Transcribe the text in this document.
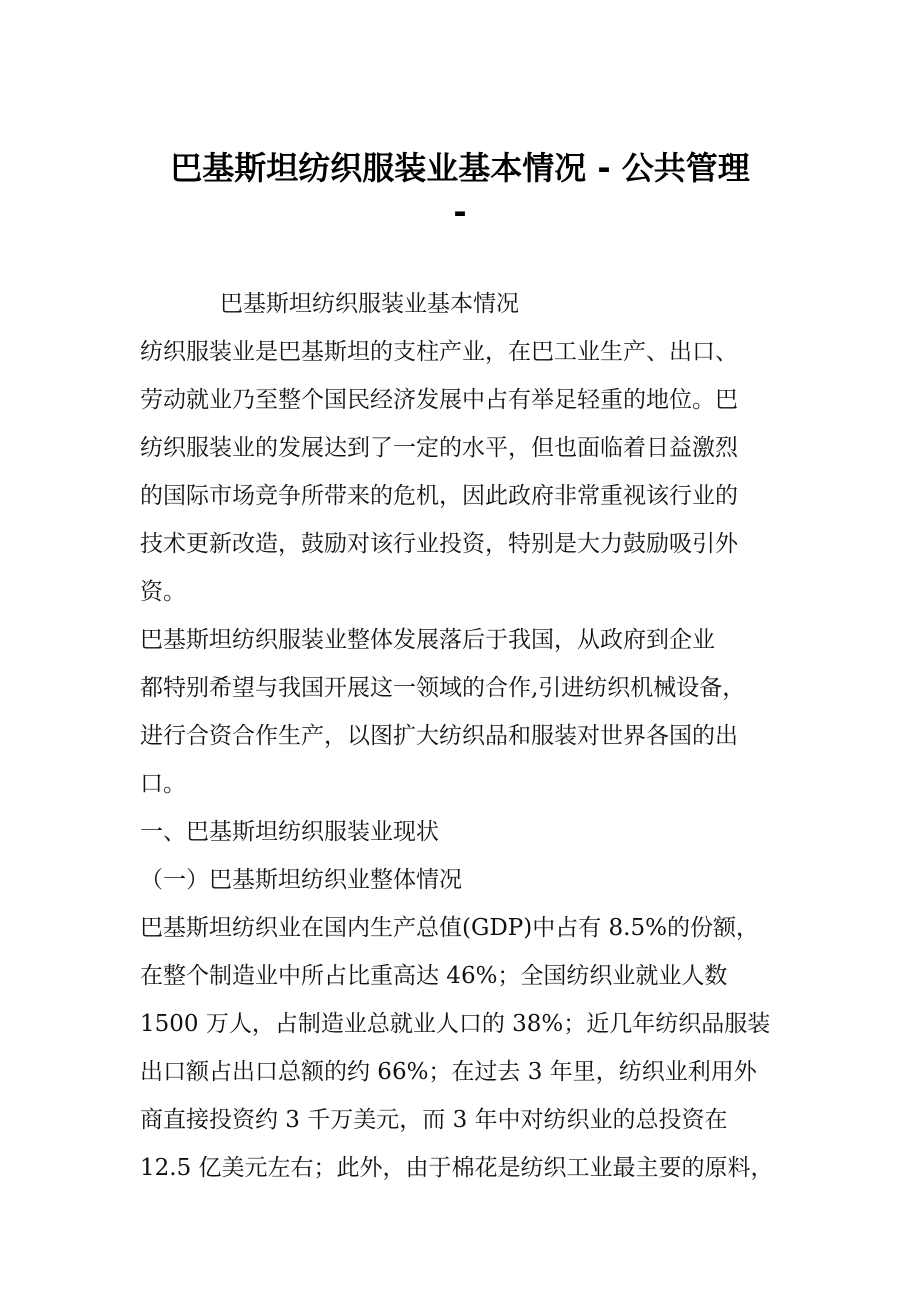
巴基斯坦纺织服装业基本情况 - 公共管理
-
巴基斯坦纺织服装业基本情况
纺织服装业是巴基斯坦的支柱产业，在巴工业生产、出口、
劳动就业乃至整个国民经济发展中占有举足轻重的地位。巴
纺织服装业的发展达到了一定的水平，但也面临着日益激烈
的国际市场竞争所带来的危机，因此政府非常重视该行业的
技术更新改造，鼓励对该行业投资，特别是大力鼓励吸引外
资。
巴基斯坦纺织服装业整体发展落后于我国，从政府到企业
都特别希望与我国开展这一领域的合作,引进纺织机械设备，
进行合资合作生产，以图扩大纺织品和服装对世界各国的出
口。
一、巴基斯坦纺织服装业现状
（一）巴基斯坦纺织业整体情况
巴基斯坦纺织业在国内生产总值(GDP)中占有 8.5%的份额，
在整个制造业中所占比重高达 46%；全国纺织业就业人数
1500 万人，占制造业总就业人口的 38%；近几年纺织品服装
出口额占出口总额的约 66%；在过去 3 年里，纺织业利用外
商直接投资约 3 千万美元，而 3 年中对纺织业的总投资在
12.5 亿美元左右；此外，由于棉花是纺织工业最主要的原料，
